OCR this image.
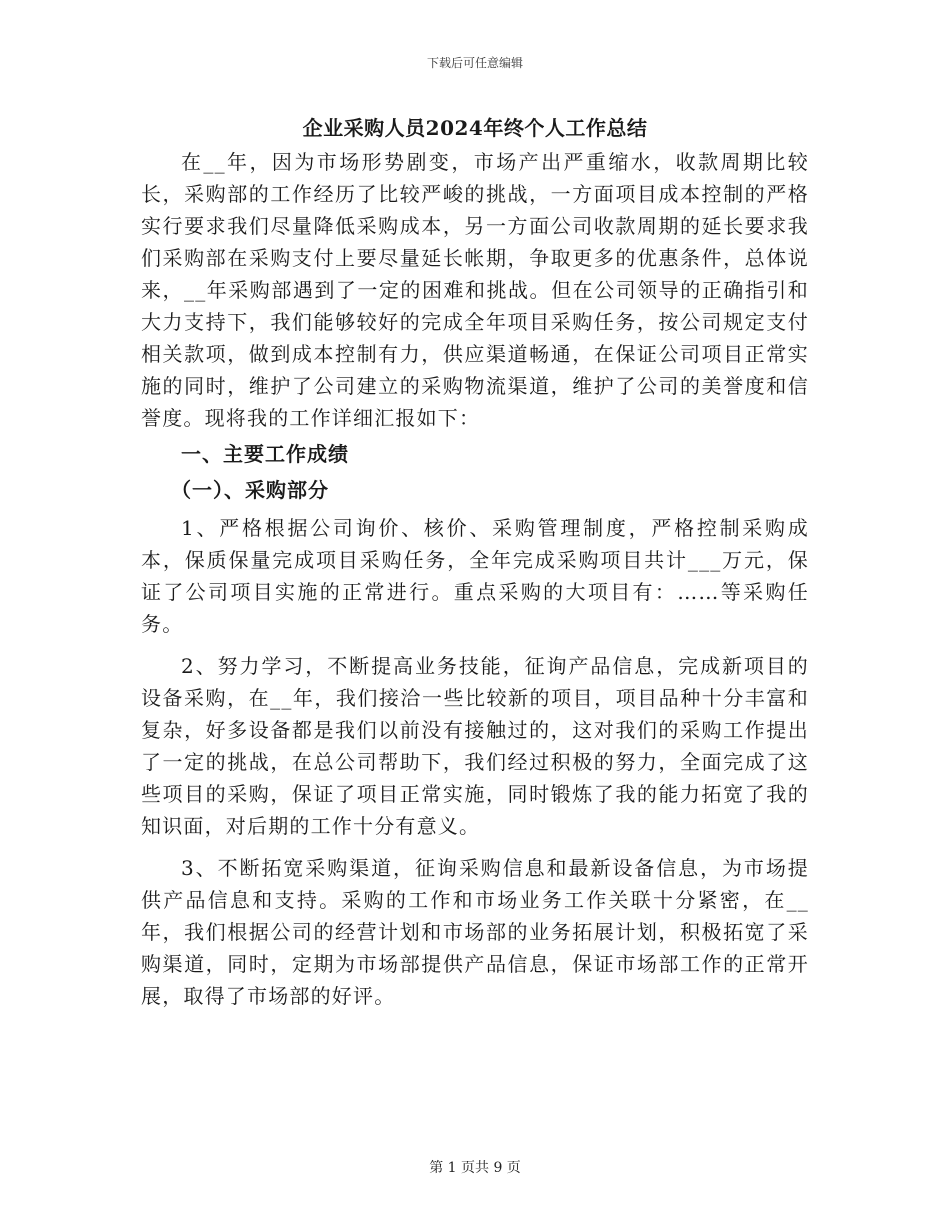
下载后可任意编辑
企业采购人员2024年终个人工作总结

在__年，因为市场形势剧变，市场产出严重缩水，收款周期比较长，采购部的工作经历了比较严峻的挑战，一方面项目成本控制的严格实行要求我们尽量降低采购成本，另一方面公司收款周期的延长要求我们采购部在采购支付上要尽量延长帐期，争取更多的优惠条件，总体说来，__年采购部遇到了一定的困难和挑战。但在公司领导的正确指引和大力支持下，我们能够较好的完成全年项目采购任务，按公司规定支付相关款项，做到成本控制有力，供应渠道畅通，在保证公司项目正常实施的同时，维护了公司建立的采购物流渠道，维护了公司的美誉度和信誉度。现将我的工作详细汇报如下：

一、主要工作成绩
（一）、采购部分

1、严格根据公司询价、核价、采购管理制度，严格控制采购成本，保质保量完成项目采购任务，全年完成采购项目共计___万元，保证了公司项目实施的正常进行。重点采购的大项目有：……等采购任务。

2、努力学习，不断提高业务技能，征询产品信息，完成新项目的设备采购，在__年，我们接洽一些比较新的项目，项目品种十分丰富和复杂，好多设备都是我们以前没有接触过的，这对我们的采购工作提出了一定的挑战，在总公司帮助下，我们经过积极的努力，全面完成了这些项目的采购，保证了项目正常实施，同时锻炼了我的能力拓宽了我的知识面，对后期的工作十分有意义。

3、不断拓宽采购渠道，征询采购信息和最新设备信息，为市场提供产品信息和支持。采购的工作和市场业务工作关联十分紧密，在__年，我们根据公司的经营计划和市场部的业务拓展计划，积极拓宽了采购渠道，同时，定期为市场部提供产品信息，保证市场部工作的正常开展，取得了市场部的好评。

第 1 页共 9 页
